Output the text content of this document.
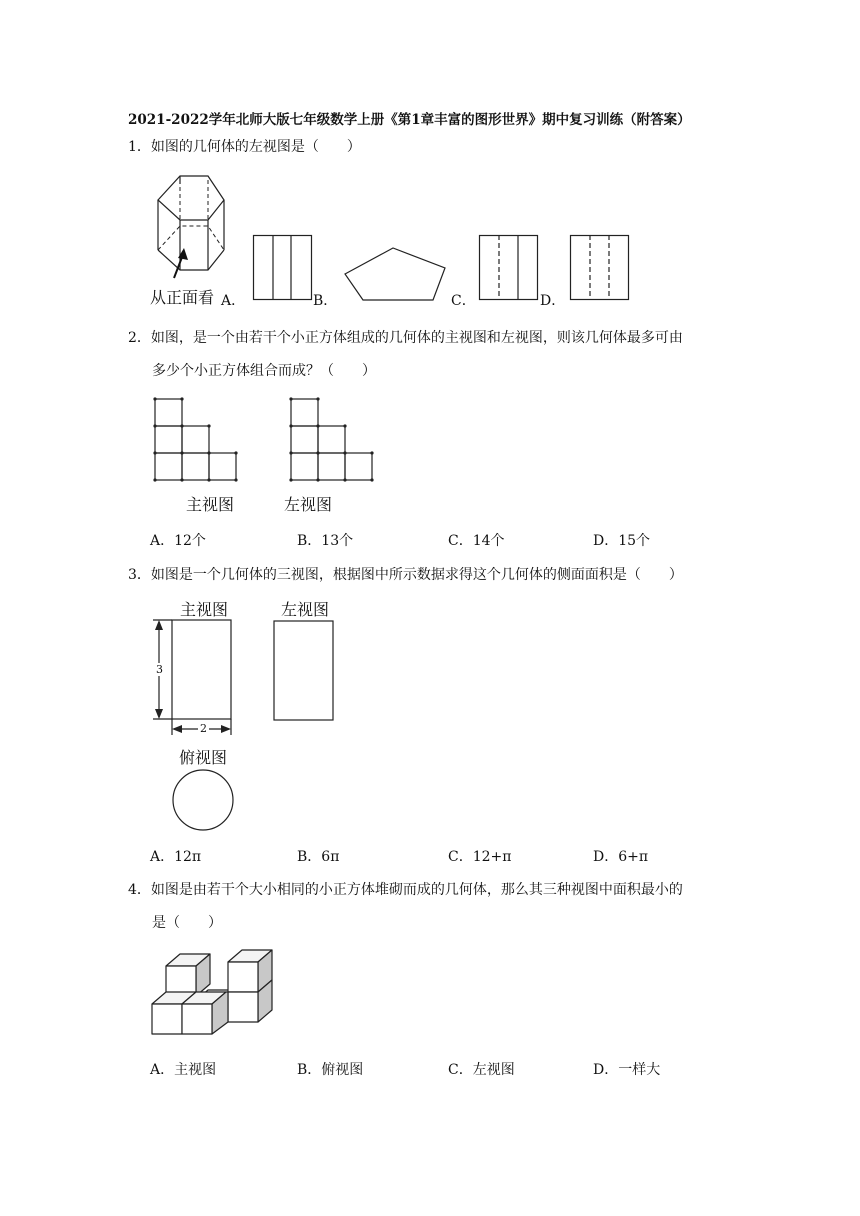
2021-2022学年北师大版七年级数学上册《第1章丰富的图形世界》期中复习训练（附答案）
1．如图的几何体的左视图是（　　）
从正面看 A．	B．	C．	D．
2．如图，是一个由若干个小正方体组成的几何体的主视图和左视图，则该几何体最多可由
多少个小正方体组合而成？（　　）
主视图	左视图
A．12个	B．13个	C．14个	D．15个
3．如图是一个几何体的三视图，根据图中所示数据求得这个几何体的侧面面积是（　　）
主视图
3
2
左视图
俯视图
A．12π	B．6π	C．12+π	D．6+π
4．如图是由若干个大小相同的小正方体堆砌而成的几何体，那么其三种视图中面积最小的
是（　　）
A．主视图	B．俯视图	C．左视图	D．一样大
